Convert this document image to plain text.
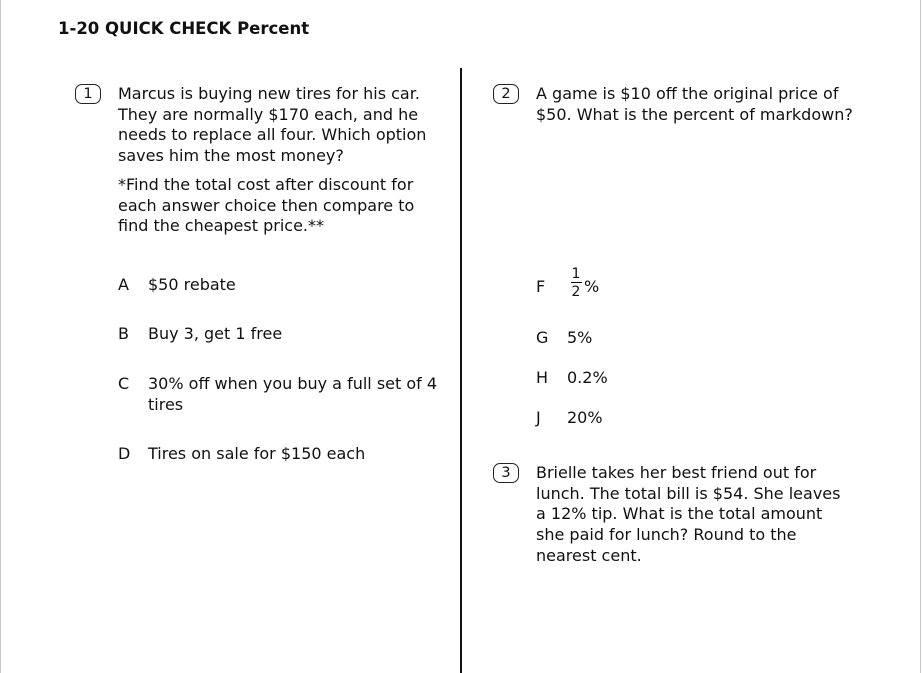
1-20 QUICK CHECK Percent
1	Marcus is buying new tires for his car.
They are normally $170 each, and he
needs to replace all four. Which option
saves him the most money?
*Find the total cost after discount for
each answer choice then compare to
find the cheapest price.**
A $50 rebate
B Buy 3, get 1 free
C 30% off when you buy a full set of 4
tires
D Tires on sale for $150 each
2	A game is $10 off the original price of
$50. What is the percent of markdown?
F
1
2 %
G 5%
H 0.2%
J 20%
3	Brielle takes her best friend out for
lunch. The total bill is $54. She leaves
a 12% tip. What is the total amount
she paid for lunch? Round to the
nearest cent.
